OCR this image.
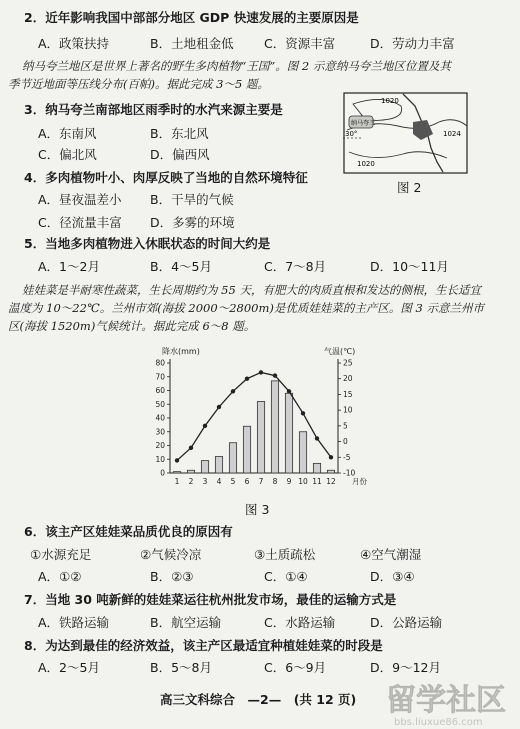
2．近年影响我国中部部分地区 GDP 快速发展的主要原因是
A．政策扶持	B．土地租金低 C．资源丰富	D．劳动力丰富
纳马夸兰地区是世界上著名的野生多肉植物“王国”。图 2 示意纳马夸兰地区位置及其
季节近地面等压线分布(百帕)。据此完成 3～5 题。
1020
1024
1020
30°
纳马夸兰
图 2
3．纳马夸兰南部地区雨季时的水汽来源主要是
A．东南风	B．东北风
C．偏北风	D．偏西风
4．多肉植物叶小、肉厚反映了当地的自然环境特征
A．昼夜温差小 B．干旱的气候
C．径流量丰富 D．多雾的环境
5．当地多肉植物进入休眠状态的时间大约是
A．1～2月	B．4～5月	C．7～8月	D．10～11月
娃娃菜是半耐寒性蔬菜，生长周期约为 55 天，有肥大的肉质直根和发达的侧根，生长适宜
温度为 10～22℃。兰州市郊(海拔 2000～2800m)是优质娃娃菜的主产区。图 3 示意兰州市
区(海拔 1520m)气候统计。据此完成 6～8 题。
80
70
60
50
40
30
20
10
0
25
20
15
10
5
0
-5
-10
1 2 3 4 5 6 7 8 9 10 11 12 月份
降水(mm)	气温(℃)
图 3
6．该主产区娃娃菜品质优良的原因有
①水源充足	②气候冷凉	③土质疏松	④空气潮湿
A．①②	B．②③	C．①④	D．③④
7．当地 30 吨新鲜的娃娃菜运往杭州批发市场，最佳的运输方式是
A．铁路运输	B．航空运输	C．水路运输	D．公路运输
8．为达到最佳的经济效益，该主产区最适宜种植娃娃菜的时段是
A．2～5月	B．5～8月	C．6～9月	D．9～12月
高三文科综合　—2—　(共 12 页) 留学社区
bbs.liuxue86.com
